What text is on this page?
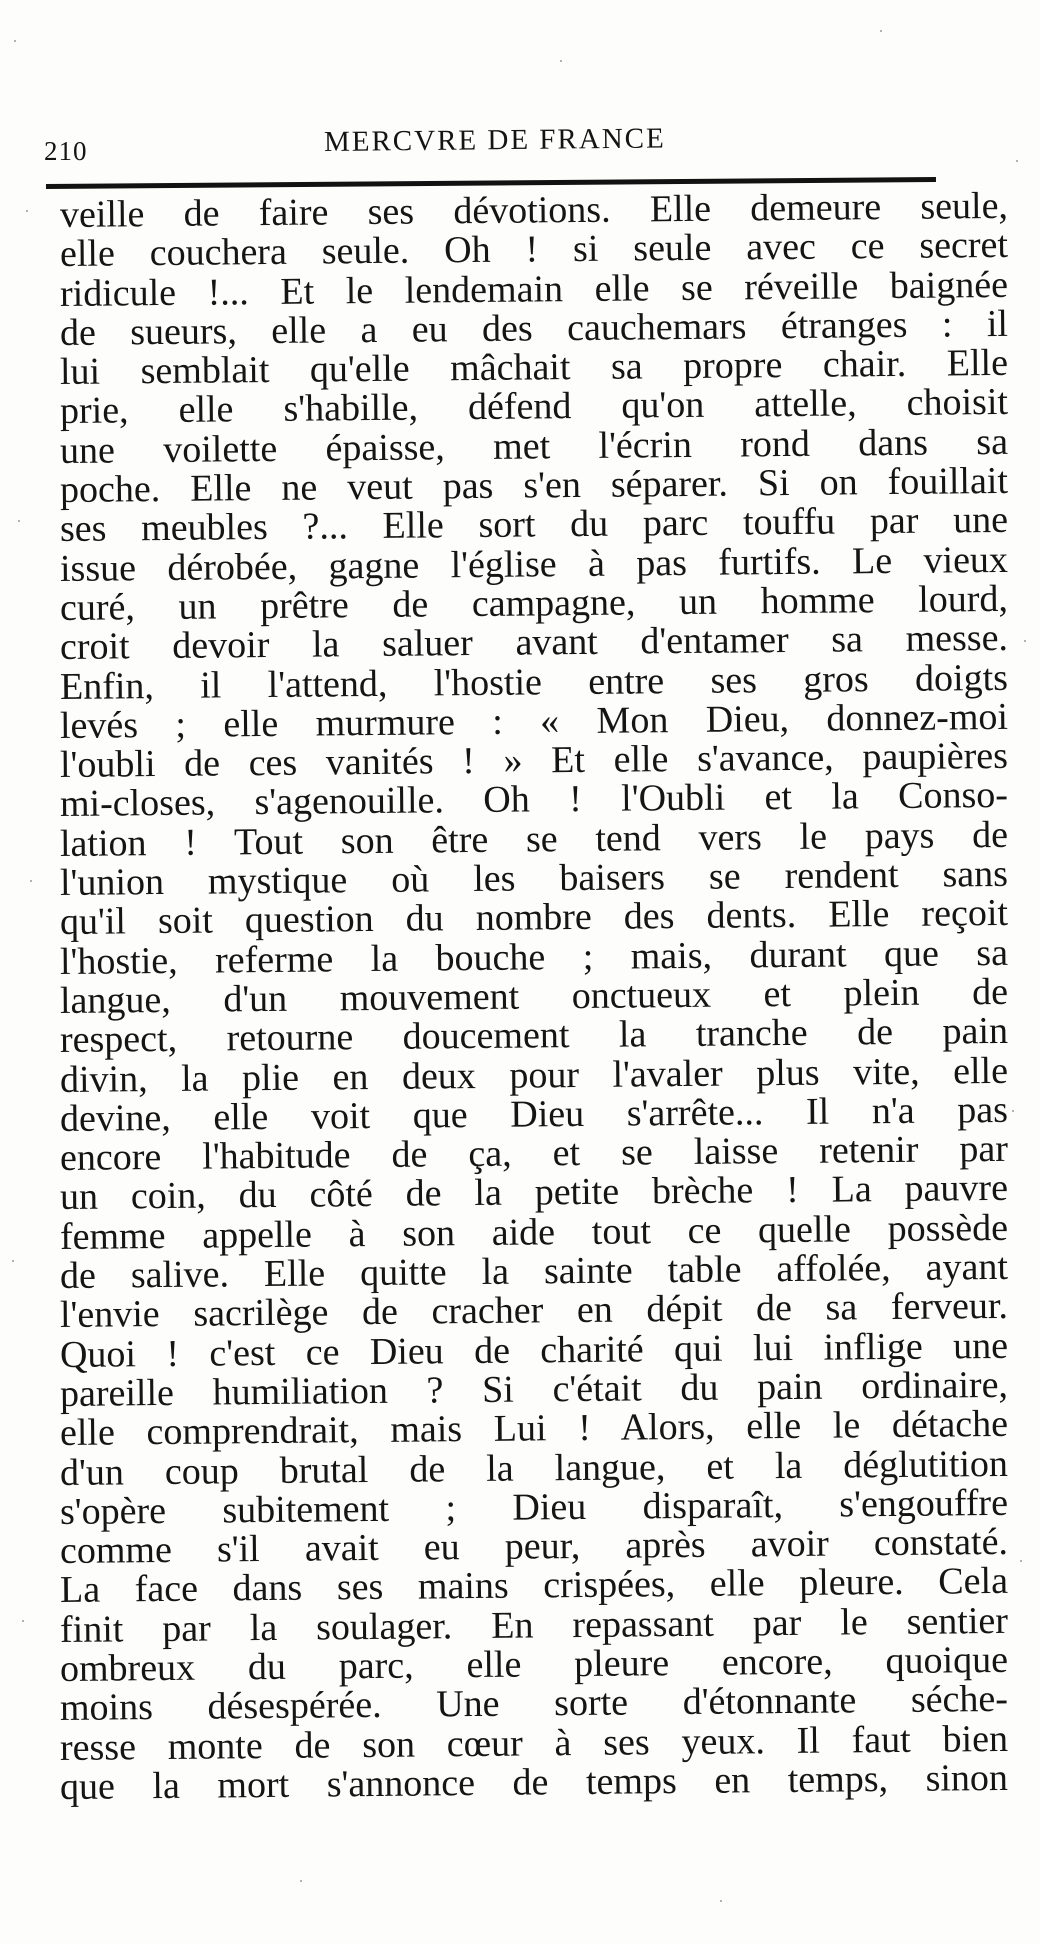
210	MERCVRE DE FRANCE
veille de faire ses dévotions. Elle demeure seule,
elle couchera seule. Oh ! si seule avec ce secret
ridicule !... Et le lendemain elle se réveille baignée
de sueurs, elle a eu des cauchemars étranges : il
lui semblait qu'elle mâchait sa propre chair. Elle
prie, elle s'habille, défend qu'on attelle, choisit
une voilette épaisse, met l'écrin rond dans sa
poche. Elle ne veut pas s'en séparer. Si on fouillait
ses meubles ?... Elle sort du parc touffu par une
issue dérobée, gagne l'église à pas furtifs. Le vieux
curé, un prêtre de campagne, un homme lourd,
croit devoir la saluer avant d'entamer sa messe.
Enfin, il l'attend, l'hostie entre ses gros doigts
levés ; elle murmure : « Mon Dieu, donnez-moi
l'oubli de ces vanités ! » Et elle s'avance, paupières
mi-closes, s'agenouille. Oh ! l'Oubli et la Conso-
lation ! Tout son être se tend vers le pays de
l'union mystique où les baisers se rendent sans
qu'il soit question du nombre des dents. Elle reçoit
l'hostie, referme la bouche ; mais, durant que sa
langue, d'un mouvement onctueux et plein de
respect, retourne doucement la tranche de pain
divin, la plie en deux pour l'avaler plus vite, elle
devine, elle voit que Dieu s'arrête... Il n'a pas
encore l'habitude de ça, et se laisse retenir par
un coin, du côté de la petite brèche ! La pauvre
femme appelle à son aide tout ce quelle possède
de salive. Elle quitte la sainte table affolée, ayant
l'envie sacrilège de cracher en dépit de sa ferveur.
Quoi ! c'est ce Dieu de charité qui lui inflige une
pareille humiliation ? Si c'était du pain ordinaire,
elle comprendrait, mais Lui ! Alors, elle le détache
d'un coup brutal de la langue, et la déglutition
s'opère subitement ; Dieu disparaît, s'engouffre
comme s'il avait eu peur, après avoir constaté.
La face dans ses mains crispées, elle pleure. Cela
finit par la soulager. En repassant par le sentier
ombreux du parc, elle pleure encore, quoique
moins désespérée. Une sorte d'étonnante séche-
resse monte de son cœur à ses yeux. Il faut bien
que la mort s'annonce de temps en temps, sinon
